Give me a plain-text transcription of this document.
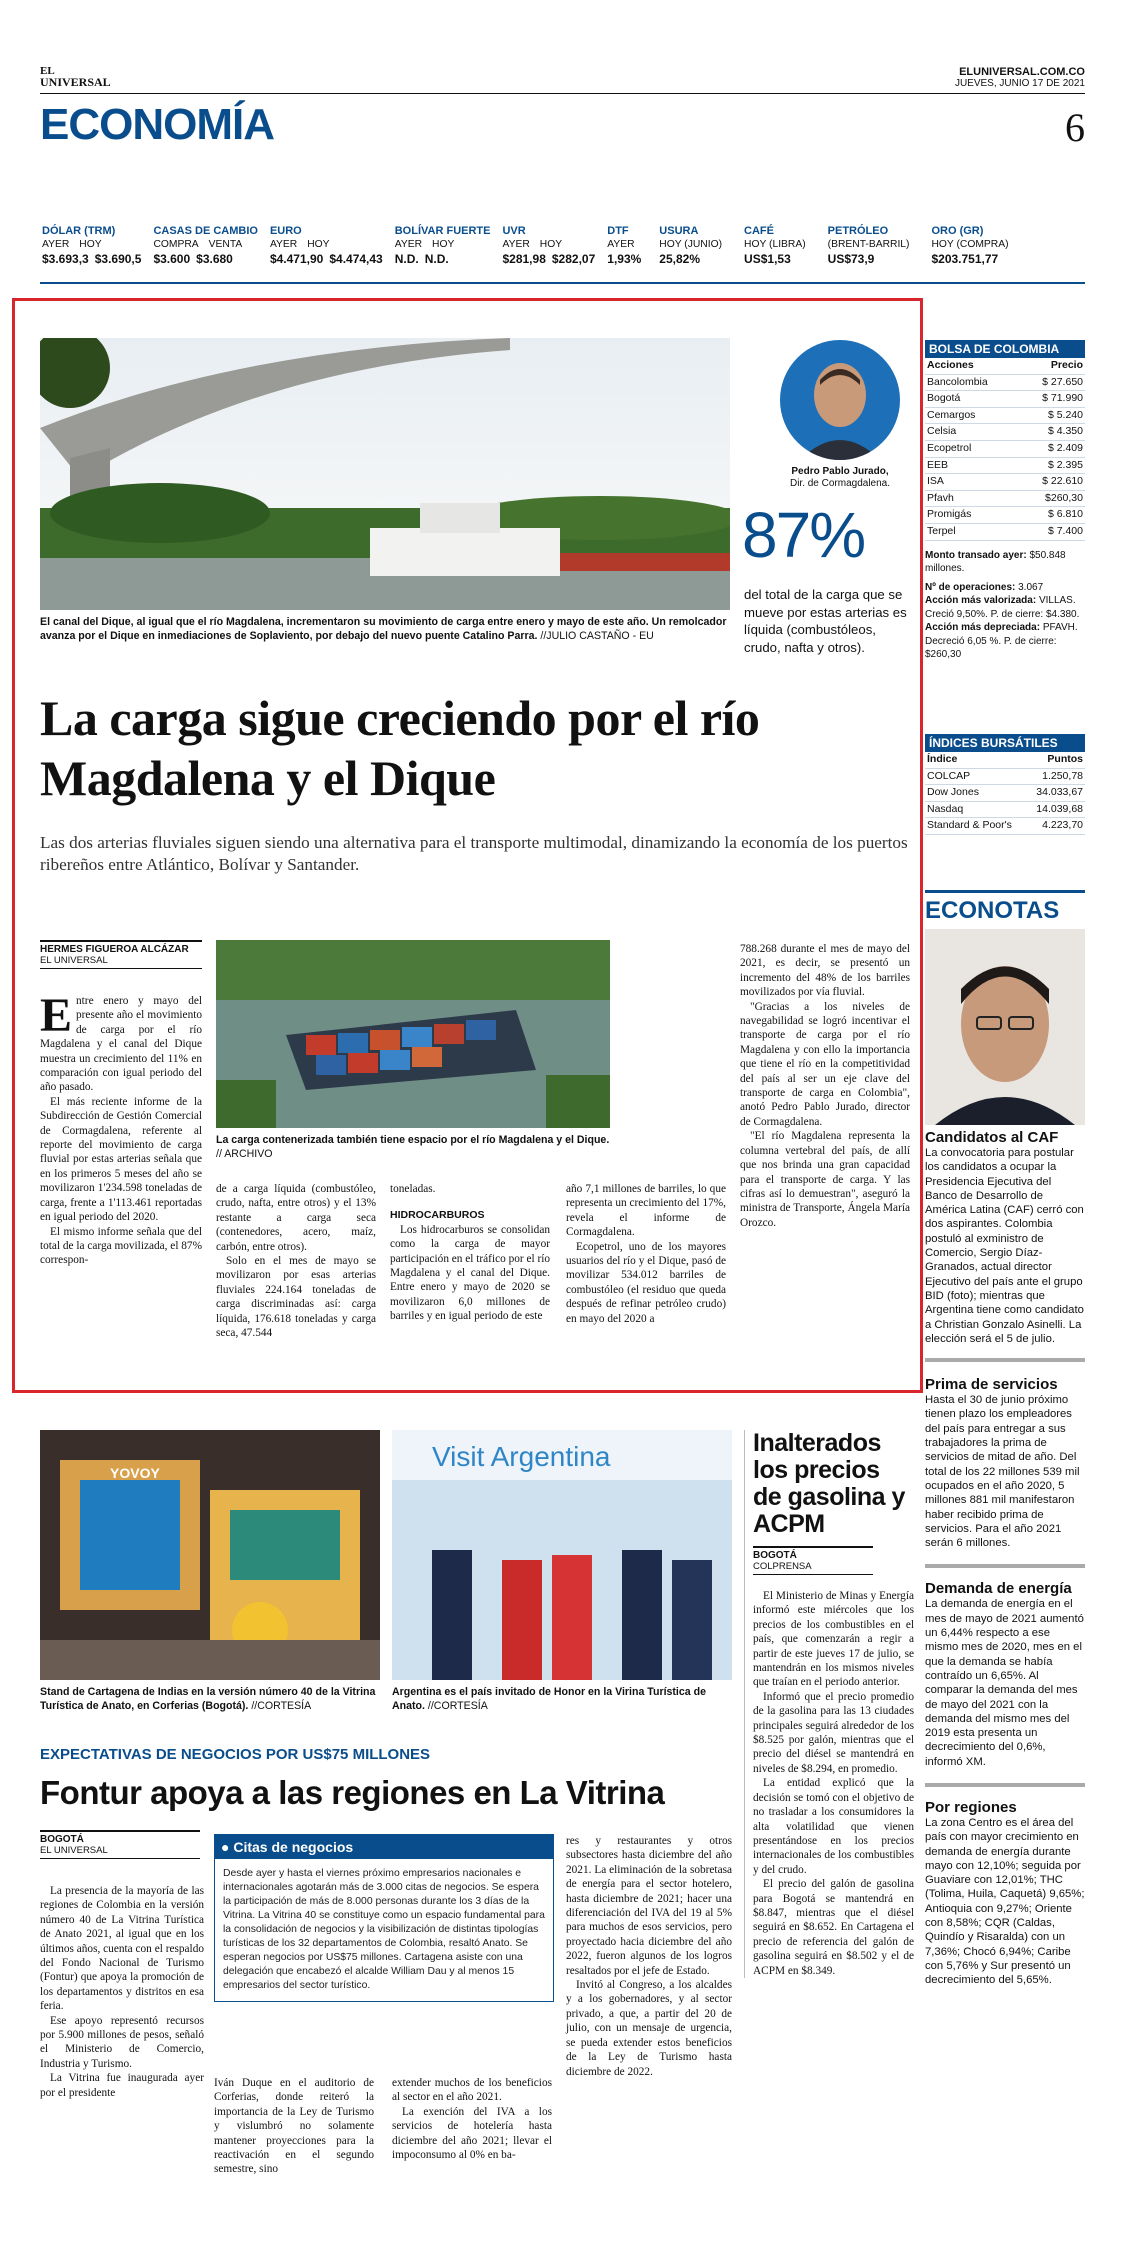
EL
UNIVERSAL
ELUNIVERSAL.COM.CO
JUEVES, JUNIO 17 DE 2021
ECONOMÍA	6
DÓLAR (TRM)
AYER HOY
$3.693,3 $3.690,5

CASAS DE CAMBIO
COMPRA VENTA
$3.600 $3.680

EURO
AYER HOY
$4.471,90 $4.474,43

BOLÍVAR FUERTE
AYER HOY
N.D. N.D.

UVR
AYER HOY
$281,98 $282,07

DTF
AYER
1,93%

USURA
HOY (JUNIO)
25,82%

CAFÉ
HOY (LIBRA)
US$1,53

PETRÓLEO
(BRENT-BARRIL)
US$73,9

ORO (GR)
HOY (COMPRA)
$203.751,77
El canal del Dique, al igual que el río Magdalena, incrementaron su movimiento de carga entre enero y mayo de este año. Un remolcador avanza por el Dique en inmediaciones de Soplaviento, por debajo del nuevo puente Catalino Parra. //JULIO CASTAÑO - EU
Pedro Pablo Jurado,
Dir. de Cormagdalena.
87%
del total de la carga que se mueve por estas arterias es líquida (combustóleos, crudo, nafta y otros).
La carga sigue creciendo por el río Magdalena y el Dique
Las dos arterias fluviales siguen siendo una alternativa para el transporte multimodal, dinamizando la economía de los puertos ribereños entre Atlántico, Bolívar y Santander.
HERMES FIGUEROA ALCÁZAR
EL UNIVERSAL

Entre enero y mayo del presente año el movimiento de carga por el río Magdalena y el canal del Dique muestra un crecimiento del 11% en comparación con igual periodo del año pasado.

El más reciente informe de la Subdirección de Gestión Comercial de Cormagdalena, referente al reporte del movimiento de carga fluvial por estas arterias señala que en los primeros 5 meses del año se movilizaron 1'234.598 toneladas de carga, frente a 1'113.461 reportadas en igual periodo del 2020.

El mismo informe señala que del total de la carga movilizada, el 87% correspon-

La carga contenerizada también tiene espacio por el río Magdalena y el Dique. // ARCHIVO

de a carga líquida (combustóleo, crudo, nafta, entre otros) y el 13% restante a carga seca (contenedores, acero, maíz, carbón, entre otros).

Solo en el mes de mayo se movilizaron por esas arterias fluviales 224.164 toneladas de carga discriminadas así: carga líquida, 176.618 toneladas y carga seca, 47.544

toneladas.

HIDROCARBUROS

Los hidrocarburos se consolidan como la carga de mayor participación en el tráfico por el río Magdalena y el canal del Dique. Entre enero y mayo de 2020 se movilizaron 6,0 millones de barriles y en igual periodo de este

año 7,1 millones de barriles, lo que representa un crecimiento del 17%, revela el informe de Cormagdalena.

Ecopetrol, uno de los mayores usuarios del río y el Dique, pasó de movilizar 534.012 barriles de combustóleo (el residuo que queda después de refinar petróleo crudo) en mayo del 2020 a

788.268 durante el mes de mayo del 2021, es decir, se presentó un incremento del 48% de los barriles movilizados por vía fluvial.

"Gracias a los niveles de navegabilidad se logró incentivar el transporte de carga por el río Magdalena y con ello la importancia que tiene el río en la competitividad del país al ser un eje clave del transporte de carga en Colombia", anotó Pedro Pablo Jurado, director de Cormagdalena.

"El río Magdalena representa la columna vertebral del país, de allí que nos brinda una gran capacidad para el transporte de carga. Y las cifras así lo demuestran", aseguró la ministra de Transporte, Ángela María Orozco.

BOLSA DE COLOMBIA
Acciones	Precio
Bancolombia	$ 27.650
Bogotá	$ 71.990
Cemargos	$ 5.240
Celsia	$ 4.350
Ecopetrol	$ 2.409
EEB	$ 2.395
ISA	$ 22.610
Pfavh	$260,30
Promigás	$ 6.810
Terpel	$ 7.400
Monto transado ayer: $50.848 millones.
Nº de operaciones: 3.067
Acción más valorizada: VILLAS. Creció 9,50%. P. de cierre: $4.380.
Acción más depreciada: PFAVH. Decreció 6,05 %. P. de cierre: $260,30
ÍNDICES BURSÁTILES
Índice	Puntos
COLCAP	1.250,78
Dow Jones	34.033,67
Nasdaq	14.039,68
Standard & Poor's	4.223,70
ECONOTAS
Candidatos al CAF
La convocatoria para postular los candidatos a ocupar la Presidencia Ejecutiva del Banco de Desarrollo de América Latina (CAF) cerró con dos aspirantes. Colombia postuló al exministro de Comercio, Sergio Díaz-Granados, actual director Ejecutivo del país ante el grupo BID (foto); mientras que Argentina tiene como candidato a Christian Gonzalo Asinelli. La elección será el 5 de julio.
Prima de servicios
Hasta el 30 de junio próximo tienen plazo los empleadores del país para entregar a sus trabajadores la prima de servicios de mitad de año. Del total de los 22 millones 539 mil ocupados en el año 2020, 5 millones 881 mil manifestaron haber recibido prima de servicios. Para el año 2021 serán 6 millones.
Demanda de energía
La demanda de energía en el mes de mayo de 2021 aumentó un 6,44% respecto a ese mismo mes de 2020, mes en el que la demanda se había contraído un 6,65%. Al comparar la demanda del mes de mayo del 2021 con la demanda del mismo mes del 2019 esta presenta un decrecimiento del 0,6%, informó XM.
Por regiones
La zona Centro es el área del país con mayor crecimiento en demanda de energía durante mayo con 12,10%; seguida por Guaviare con 12,01%; THC (Tolima, Huila, Caquetá) 9,65%; Antioquia con 9,27%; Oriente con 8,58%; CQR (Caldas, Quindío y Risaralda) con un 7,36%; Chocó 6,94%; Caribe con 5,76% y Sur presentó un decrecimiento del 5,65%.
YOVOY
Visit Argentina
Stand de Cartagena de Indias en la versión número 40 de la Vitrina Turística de Anato, en Corferias (Bogotá). //CORTESÍA
Argentina es el país invitado de Honor en la Virina Turística de Anato. //CORTESÍA
EXPECTATIVAS DE NEGOCIOS POR US$75 MILLONES
Fontur apoya a las regiones en La Vitrina
BOGOTÁ
EL UNIVERSAL

La presencia de la mayoría de las regiones de Colombia en la versión número 40 de La Vitrina Turística de Anato 2021, al igual que en los últimos años, cuenta con el respaldo del Fondo Nacional de Turismo (Fontur) que apoya la promoción de los departamentos y distritos en esa feria.

Ese apoyo representó recursos por 5.900 millones de pesos, señaló el Ministerio de Comercio, Industria y Turismo.

La Vitrina fue inaugurada ayer por el presidente

● Citas de negocios
Desde ayer y hasta el viernes próximo empresarios nacionales e internacionales agotarán más de 3.000 citas de negocios. Se espera la participación de más de 8.000 personas durante los 3 días de la Vitrina. La Vitrina 40 se constituye como un espacio fundamental para la consolidación de negocios y la visibilización de distintas tipologías turísticas de los 32 departamentos de Colombia, resaltó Anato. Se esperan negocios por US$75 millones. Cartagena asiste con una delegación que encabezó el alcalde William Dau y al menos 15 empresarios del sector turístico.

Iván Duque en el auditorio de Corferias, donde reiteró la importancia de la Ley de Turismo y vislumbró no solamente mantener proyecciones para la reactivación en el segundo semestre, sino

extender muchos de los beneficios al sector en el año 2021.

La exención del IVA a los servicios de hotelería hasta diciembre del año 2021; llevar el impoconsumo al 0% en ba-

res y restaurantes y otros subsectores hasta diciembre del año 2021. La eliminación de la sobretasa de energía para el sector hotelero, hasta diciembre de 2021; hacer una diferenciación del IVA del 19 al 5% para muchos de esos servicios, pero proyectado hacia diciembre del año 2022, fueron algunos de los logros resaltados por el jefe de Estado.

Invitó al Congreso, a los alcaldes y a los gobernadores, y al sector privado, a que, a partir del 20 de julio, con un mensaje de urgencia, se pueda extender estos beneficios de la Ley de Turismo hasta diciembre de 2022.

Inalterados los precios de gasolina y ACPM
BOGOTÁ
COLPRENSA

El Ministerio de Minas y Energía informó este miércoles que los precios de los combustibles en el país, que comenzarán a regir a partir de este jueves 17 de julio, se mantendrán en los mismos niveles que traían en el periodo anterior.

Informó que el precio promedio de la gasolina para las 13 ciudades principales seguirá alrededor de los $8.525 por galón, mientras que el precio del diésel se mantendrá en niveles de $8.294, en promedio.

La entidad explicó que la decisión se tomó con el objetivo de no trasladar a los consumidores la alta volatilidad que vienen presentándose en los precios internacionales de los combustibles y del crudo.

El precio del galón de gasolina para Bogotá se mantendrá en $8.847, mientras que el diésel seguirá en $8.652. En Cartagena el precio de referencia del galón de gasolina seguirá en $8.502 y el de ACPM en $8.349.
